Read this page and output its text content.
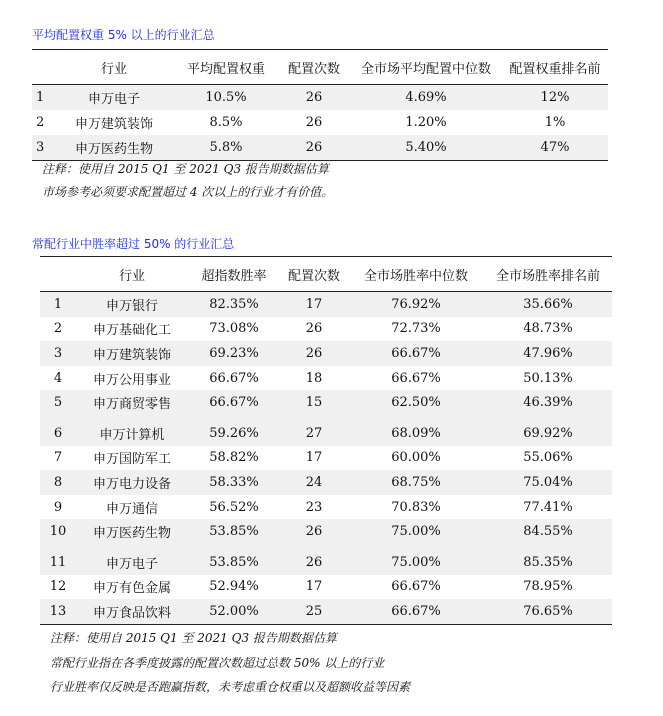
平均配置权重 5% 以上的行业汇总
	行业	平均配置权重	配置次数	全市场平均配置中位数	配置权重排名前
1	申万电子	10.5%	26	4.69%	12%
2	申万建筑装饰	8.5%	26	1.20%	1%
3	申万医药生物	5.8%	26	5.40%	47%
注释：使用自 2015 Q1 至 2021 Q3 报告期数据估算
市场参考必须要求配置超过 4 次以上的行业才有价值。
常配行业中胜率超过 50% 的行业汇总
	行业	超指数胜率	配置次数	全市场胜率中位数	全市场胜率排名前
1	申万银行	82.35%	17	76.92%	35.66%
2	申万基础化工	73.08%	26	72.73%	48.73%
3	申万建筑装饰	69.23%	26	66.67%	47.96%
4	申万公用事业	66.67%	18	66.67%	50.13%
5	申万商贸零售	66.67%	15	62.50%	46.39%
6	申万计算机	59.26%	27	68.09%	69.92%
7	申万国防军工	58.82%	17	60.00%	55.06%
8	申万电力设备	58.33%	24	68.75%	75.04%
9	申万通信	56.52%	23	70.83%	77.41%
10	申万医药生物	53.85%	26	75.00%	84.55%
11	申万电子	53.85%	26	75.00%	85.35%
12	申万有色金属	52.94%	17	66.67%	78.95%
13	申万食品饮料	52.00%	25	66.67%	76.65%
注释：使用自 2015 Q1 至 2021 Q3 报告期数据估算
常配行业指在各季度披露的配置次数超过总数 50% 以上的行业
行业胜率仅反映是否跑赢指数，未考虑重仓权重以及超额收益等因素
